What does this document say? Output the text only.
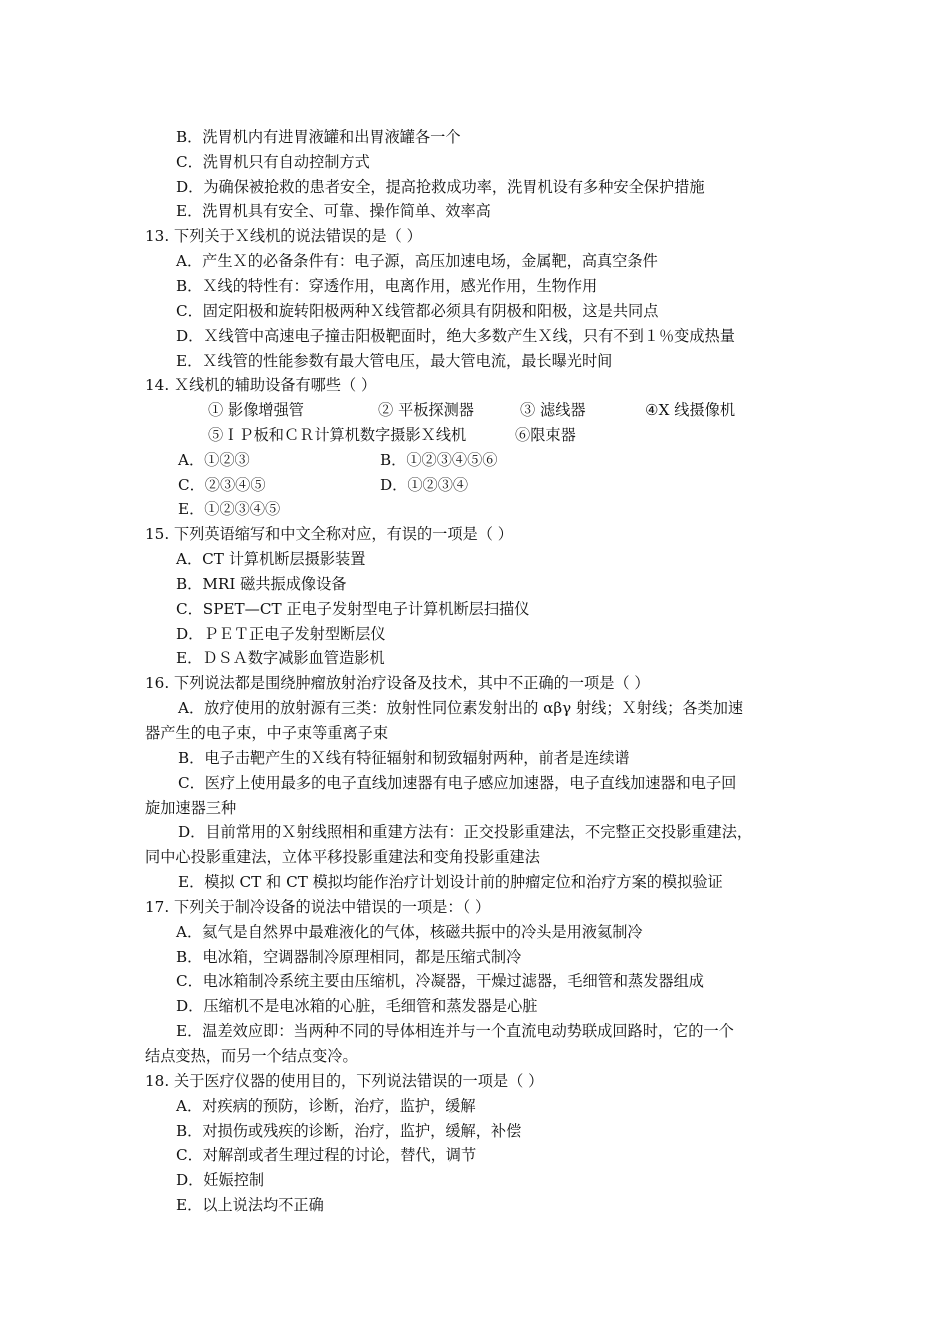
B．洗胃机内有进胃液罐和出胃液罐各一个
C．洗胃机只有自动控制方式
D．为确保被抢救的患者安全，提高抢救成功率，洗胃机设有多种安全保护措施
E．洗胃机具有安全、可靠、操作简单、效率高
13. 下列关于Ｘ线机的说法错误的是（ ）
A．产生Ｘ的必备条件有：电子源，高压加速电场，金属靶，高真空条件
B．Ｘ线的特性有：穿透作用，电离作用，感光作用，生物作用
C．固定阳极和旋转阳极两种Ｘ线管都必须具有阴极和阳极，这是共同点
D．Ｘ线管中高速电子撞击阳极靶面时，绝大多数产生Ｘ线，只有不到１％变成热量
E．Ｘ线管的性能参数有最大管电压，最大管电流，最长曝光时间
14. Ｘ线机的辅助设备有哪些（ ）
① 影像增强管	② 平板探测器	③ 滤线器	④X 线摄像机
⑤ＩＰ板和ＣＲ计算机数字摄影Ｘ线机	⑥限束器
A．①②③	B．①②③④⑤⑥
C．②③④⑤	D．①②③④
E．①②③④⑤
15. 下列英语缩写和中文全称对应，有误的一项是（ ）
A．CT 计算机断层摄影装置
B．MRI 磁共振成像设备
C．SPET—CT 正电子发射型电子计算机断层扫描仪
D．ＰＥＴ正电子发射型断层仪
E．ＤＳＡ数字减影血管造影机
16. 下列说法都是围绕肿瘤放射治疗设备及技术，其中不正确的一项是（ ）
A．放疗使用的放射源有三类：放射性同位素发射出的 αβγ 射线；Ｘ射线；各类加速
器产生的电子束，中子束等重离子束
B．电子击靶产生的Ｘ线有特征辐射和韧致辐射两种，前者是连续谱
C．医疗上使用最多的电子直线加速器有电子感应加速器，电子直线加速器和电子回
旋加速器三种
D．目前常用的Ｘ射线照相和重建方法有：正交投影重建法，不完整正交投影重建法，
同中心投影重建法，立体平移投影重建法和变角投影重建法
E．模拟 CT 和 CT 模拟均能作治疗计划设计前的肿瘤定位和治疗方案的模拟验证
17. 下列关于制冷设备的说法中错误的一项是：（ ）
A．氦气是自然界中最难液化的气体，核磁共振中的冷头是用液氦制冷
B．电冰箱，空调器制冷原理相同，都是压缩式制冷
C．电冰箱制冷系统主要由压缩机，冷凝器，干燥过滤器，毛细管和蒸发器组成
D．压缩机不是电冰箱的心脏，毛细管和蒸发器是心脏
E．温差效应即：当两种不同的导体相连并与一个直流电动势联成回路时，它的一个
结点变热，而另一个结点变冷。
18. 关于医疗仪器的使用目的，下列说法错误的一项是（ ）
A．对疾病的预防，诊断，治疗，监护，缓解
B．对损伤或残疾的诊断，治疗，监护，缓解，补偿
C．对解剖或者生理过程的讨论，替代，调节
D．妊娠控制
E．以上说法均不正确
